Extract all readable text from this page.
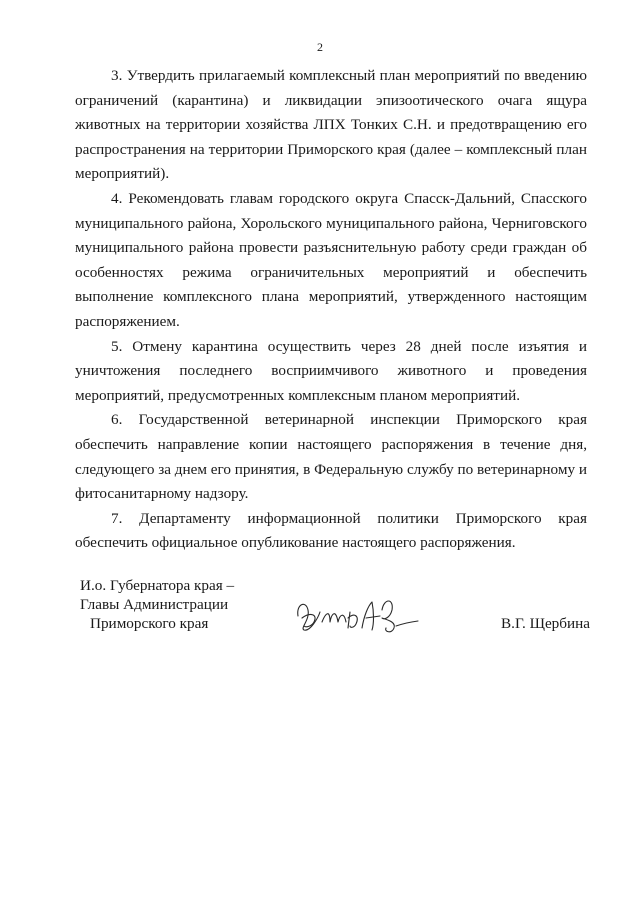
2

3. Утвердить прилагаемый комплексный план мероприятий по введению ограничений (карантина) и ликвидации эпизоотического очага ящура животных на территории хозяйства ЛПХ Тонких С.Н. и предотвращению его распространения на территории Приморского края (далее – комплексный план мероприятий).

4. Рекомендовать главам городского округа Спасск-Дальний, Спасского муниципального района, Хорольского муниципального района, Черниговского муниципального района провести разъяснительную работу среди граждан об особенностях режима ограничительных мероприятий и обеспечить выполнение комплексного плана мероприятий, утвержденного настоящим распоряжением.

5. Отмену карантина осуществить через 28 дней после изъятия и уничтожения последнего восприимчивого животного и проведения мероприятий, предусмотренных комплексным планом мероприятий.

6. Государственной ветеринарной инспекции Приморского края обеспечить направление копии настоящего распоряжения в течение дня, следующего за днем его принятия, в Федеральную службу по ветеринарному и фитосанитарному надзору.

7. Департаменту информационной политики Приморского края обеспечить официальное опубликование настоящего распоряжения.

И.о. Губернатора края –
Главы Администрации
Приморского края	В.Г. Щербина
